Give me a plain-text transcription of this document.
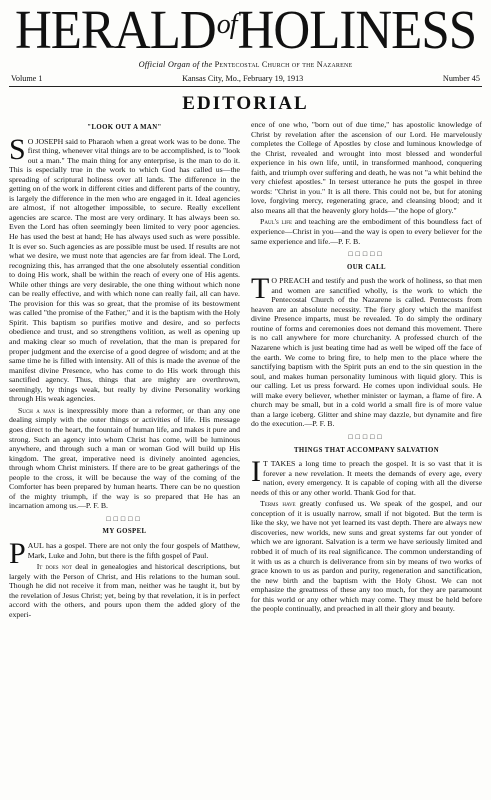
HERALDofHOLINESS
Official Organ of the Pentecostal Church of the Nazarene
Volume 1	Kansas City, Mo., February 19, 1913	Number 45
EDITORIAL
"LOOK OUT A MAN"

S O JOSEPH said to Pharaoh when a great work was to be done. The first thing, whenever vital things are to be accomplished, is to "look out a man." The main thing for any enterprise, is the man to do it. This is especially true in the work to which God has called us—the spreading of scriptural holiness over all lands. The difference in the getting on of the work in different cities and different parts of the country, is largely the difference in the men who are engaged in it. Ideal agencies are almost, if not altogether impossible, to secure. Really excellent agencies are scarce. The most are very ordinary. It has always been so. Even the Lord has often seemingly been limited to very poor agencies. He has used the best at hand; He has always used such as were possible. It is ever so. Such agencies as are possible must be used. If results are not what we desire, we must note that agencies are far from ideal. The Lord, recognizing this, has arranged that the one absolutely essential condition to doing His work, shall be within the reach of every one of His agents. While other things are very desirable, the one thing without which none can be really effective, and with which none can really fail, all can have. The provision for this was so great, that the promise of its bestowment was called "the promise of the Father," and it is the baptism with the Holy Spirit. This baptism so purifies motive and desire, and so perfects obedience and trust, and so strengthens volition, as well as opening up and making clear so much of revelation, that the man is prepared for proper judgment and the exercise of a good degree of wisdom; and at the same time he is filled with intensity. All of this is made the avenue of the manifest divine Presence, who has come to do His work through this sanctified agency. Thus, things that are mighty are overthrown, seemingly, by things weak, but really by divine Personality working through His weak agencies.

Such a man is inexpressibly more than a reformer, or than any one dealing simply with the outer things or activities of life. His message goes direct to the heart, the fountain of human life, and makes it pure and strong. Such an agency into whom Christ has come, will be luminous anywhere, and through such a man or woman God will build up His kingdom. The great, imperative need is divinely anointed agencies, through whom Christ ministers. If there are to be great gatherings of the people to the cross, it will be because the way of the coming of the Comforter has been prepared by human hearts. There can be no question of the mighty triumph, if the way is so prepared that He has an incarnation among us.—P. F. B.

□□□□□
MY GOSPEL

PAUL has a gospel. There are not only the four gospels of Matthew, Mark, Luke and John, but there is the fifth gospel of Paul.

It does not deal in genealogies and historical descriptions, but largely with the Person of Christ, and His relations to the human soul. Though he did not receive it from man, neither was he taught it, but by the revelation of Jesus Christ; yet, being by that revelation, it is in perfect accord with the others, and pours upon them the added glory of the experi-

ence of one who, "born out of due time," has apostolic knowledge of Christ by revelation after the ascension of our Lord. He marvelously completes the College of Apostles by close and luminous knowledge of the Christ, revealed and wrought into most blessed and wonderful experience in his own life, until, in transformed manhood, conquering faith, and triumph over suffering and death, he was not "a whit behind the very chiefest apostles." In tersest utterance he puts the gospel in three words: "Christ in you." It is all there. This could not be, but for atoning love, forgiving mercy, regenerating grace, and cleansing blood; and it also means all that the heavenly glory holds—"the hope of glory."

Paul's life and teaching are the embodiment of this boundless fact of experience—Christ in you—and the way is open to every believer for the same experience and life.—P. F. B.

□□□□□
OUR CALL

T O PREACH and testify and push the work of holiness, so that men and women are sanctified wholly, is the work to which the Pentecostal Church of the Nazarene is called. Pentecosts from heaven are an absolute necessity. The fiery glory which the manifest divine Presence imparts, must be revealed. To do simply the ordinary routine of forms and ceremonies does not demand this movement. There is no call anywhere for more churchanity. A professed church of the Nazarene which is just beating time had as well be wiped off the face of the earth. We come to bring fire, to help men to the place where the sanctifying baptism with the Spirit puts an end to the sin question in the soul, and makes human personality luminous with liquid glory. This is our calling. Let us press forward. He comes upon individual souls. He will make every believer, whether minister or layman, a flame of fire. A church may be small, but in a cold world a small fire is of more value than a large iceberg. Glitter and shine may dazzle, but dynamite and fire do the execution.—P. F. B.

□□□□□
THINGS THAT ACCOMPANY SALVATION

I T TAKES a long time to preach the gospel. It is so vast that it is forever a new revelation. It meets the demands of every age, every nation, every emergency. It is capable of coping with all the diverse needs of this or any other world. Thank God for that.

Terms have greatly confused us. We speak of the gospel, and our conception of it is usually narrow, small if not bigoted. But the term is like the sky, we have not yet learned its vast depth. There are always new discoveries, new worlds, new suns and great systems far out yonder of which we are ignorant. Salvation is a term we have seriously limited and robbed it of much of its real significance. The common understanding of it with us as a church is deliverance from sin by means of two works of grace known to us as pardon and purity, regeneration and sanctification, the new birth and the baptism with the Holy Ghost. We can not emphasize the greatness of these any too much, for they are paramount for this world or any other which may come. They must be held before the people continually, and preached in all their glory and beauty.
